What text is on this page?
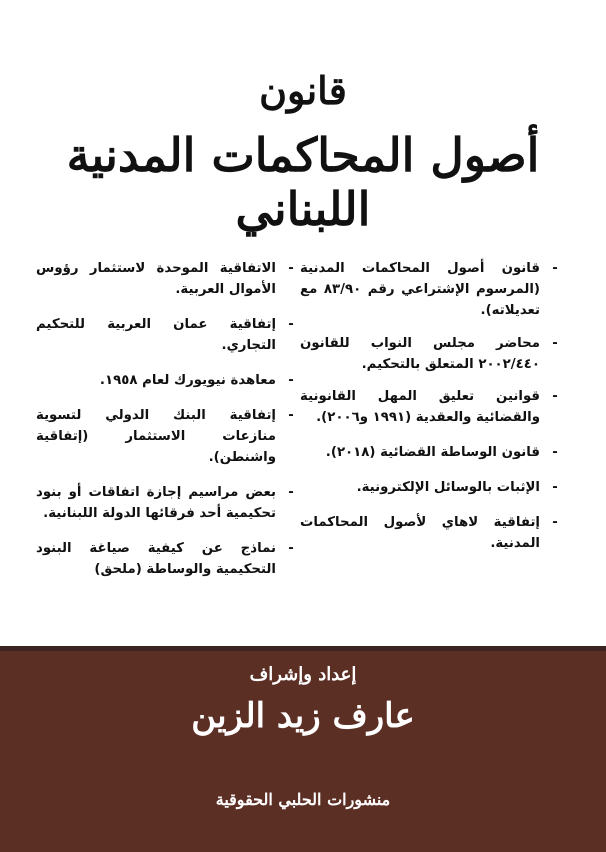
قانون
أصول المحاكمات المدنية اللبناني
-
قانون أصول المحاكمات المدنية (المرسوم الإشتراعي رقم ٨٣/٩٠ مع تعديلاته).
-
محاضر مجلس النواب للقانون ٢٠٠٢/٤٤٠ المتعلق بالتحكيم.
-
قوانين تعليق المهل القانونية والقضائية والعقدية (١٩٩١ و٢٠٠٦).
-
قانون الوساطة القضائية (٢٠١٨).
-
الإثبات بالوسائل الإلكترونية.
-
إتفاقية لاهاي لأصول المحاكمات المدنية.
-
الاتفاقية الموحدة لاستثمار رؤوس الأموال العربية.
-
إتفاقية عمان العربية للتحكيم التجاري.
-
معاهدة نيويورك لعام ١٩٥٨.
-
إتفاقية البنك الدولي لتسوية منازعات الاستثمار (إتفاقية واشنطن).
-
بعض مراسيم إجازة اتفاقات أو بنود تحكيمية أحد فرقائها الدولة اللبنانية.
-
نماذج عن كيفية صياغة البنود التحكيمية والوساطة (ملحق)
إعداد وإشراف
عارف زيد الزين
منشورات الحلبي الحقوقية
